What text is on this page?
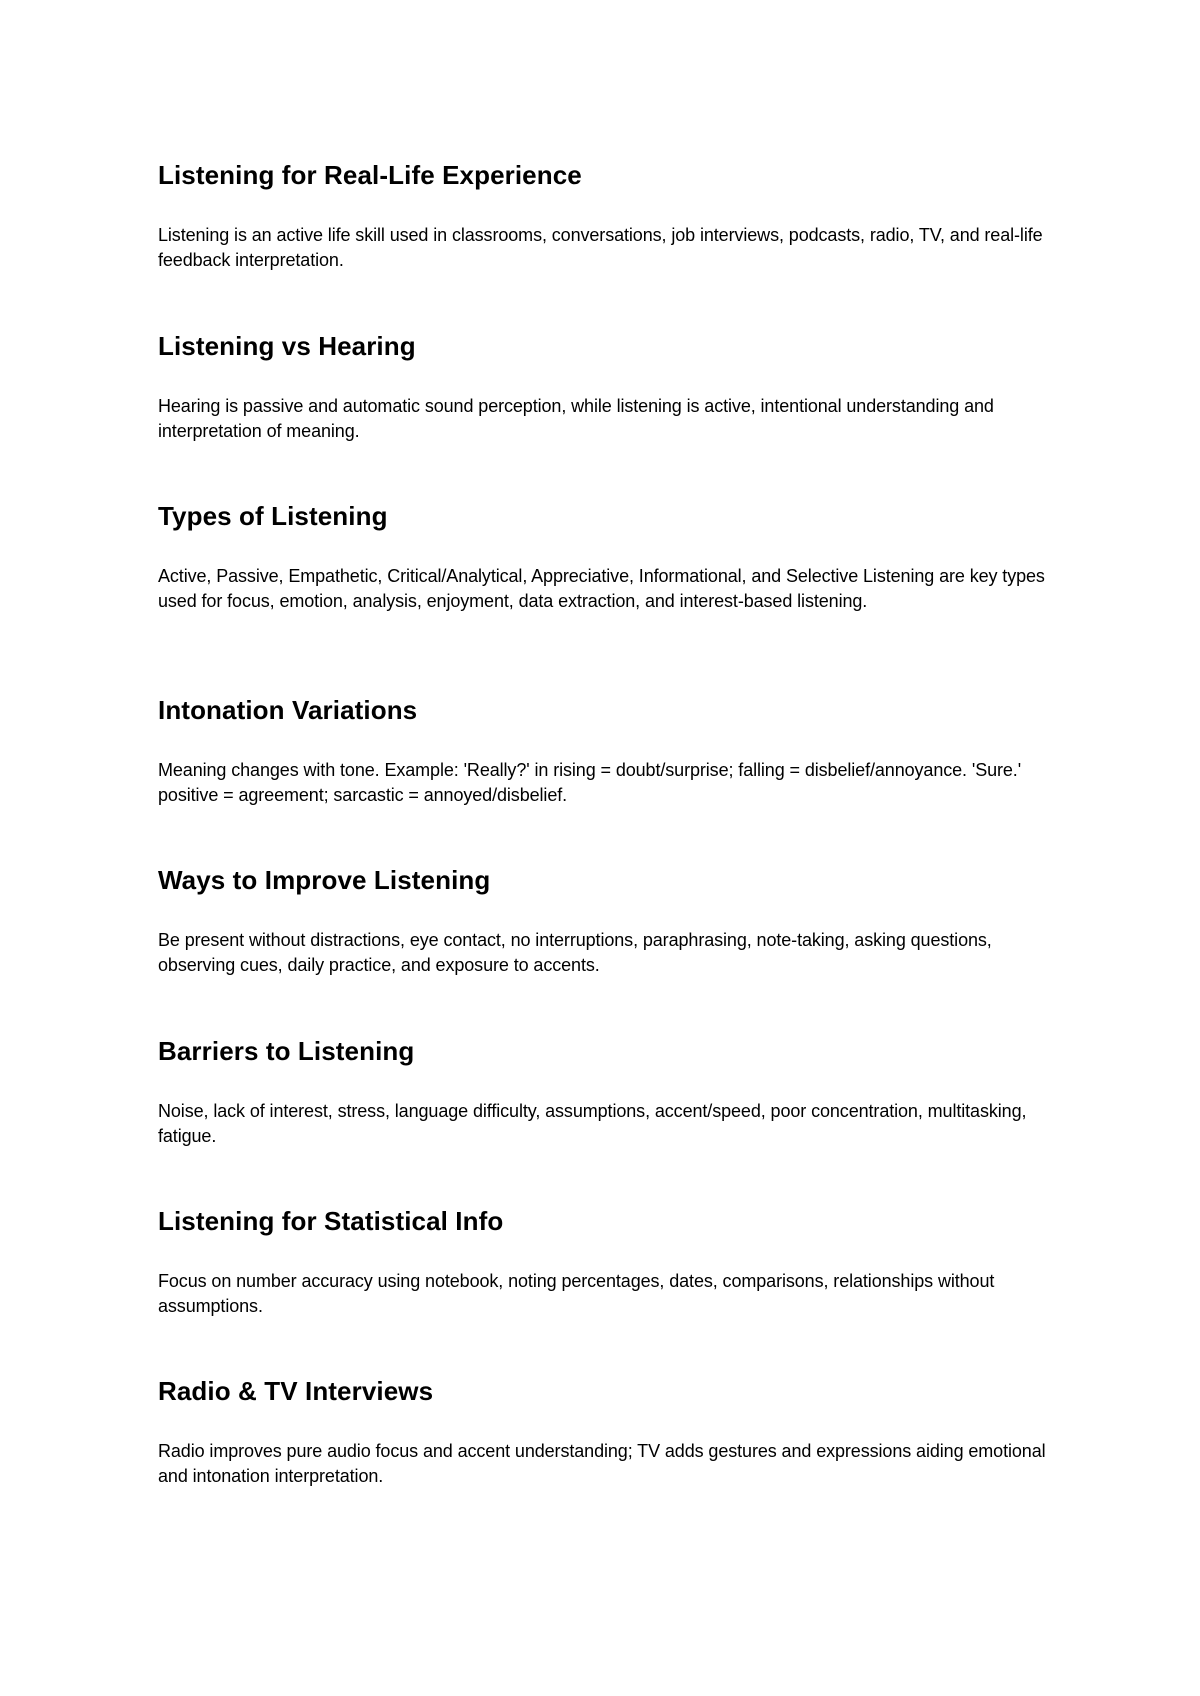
Listening for Real-Life Experience

Listening is an active life skill used in classrooms, conversations, job interviews, podcasts, radio, TV, and real-life feedback interpretation.

Listening vs Hearing

Hearing is passive and automatic sound perception, while listening is active, intentional understanding and interpretation of meaning.

Types of Listening

Active, Passive, Empathetic, Critical/Analytical, Appreciative, Informational, and Selective Listening are key types used for focus, emotion, analysis, enjoyment, data extraction, and interest-based listening.

Intonation Variations

Meaning changes with tone. Example: 'Really?' in rising = doubt/surprise; falling = disbelief/annoyance. 'Sure.' positive = agreement; sarcastic = annoyed/disbelief.

Ways to Improve Listening

Be present without distractions, eye contact, no interruptions, paraphrasing, note-taking, asking questions, observing cues, daily practice, and exposure to accents.

Barriers to Listening

Noise, lack of interest, stress, language difficulty, assumptions, accent/speed, poor concentration, multitasking, fatigue.

Listening for Statistical Info

Focus on number accuracy using notebook, noting percentages, dates, comparisons, relationships without assumptions.

Radio & TV Interviews

Radio improves pure audio focus and accent understanding; TV adds gestures and expressions aiding emotional and intonation interpretation.
